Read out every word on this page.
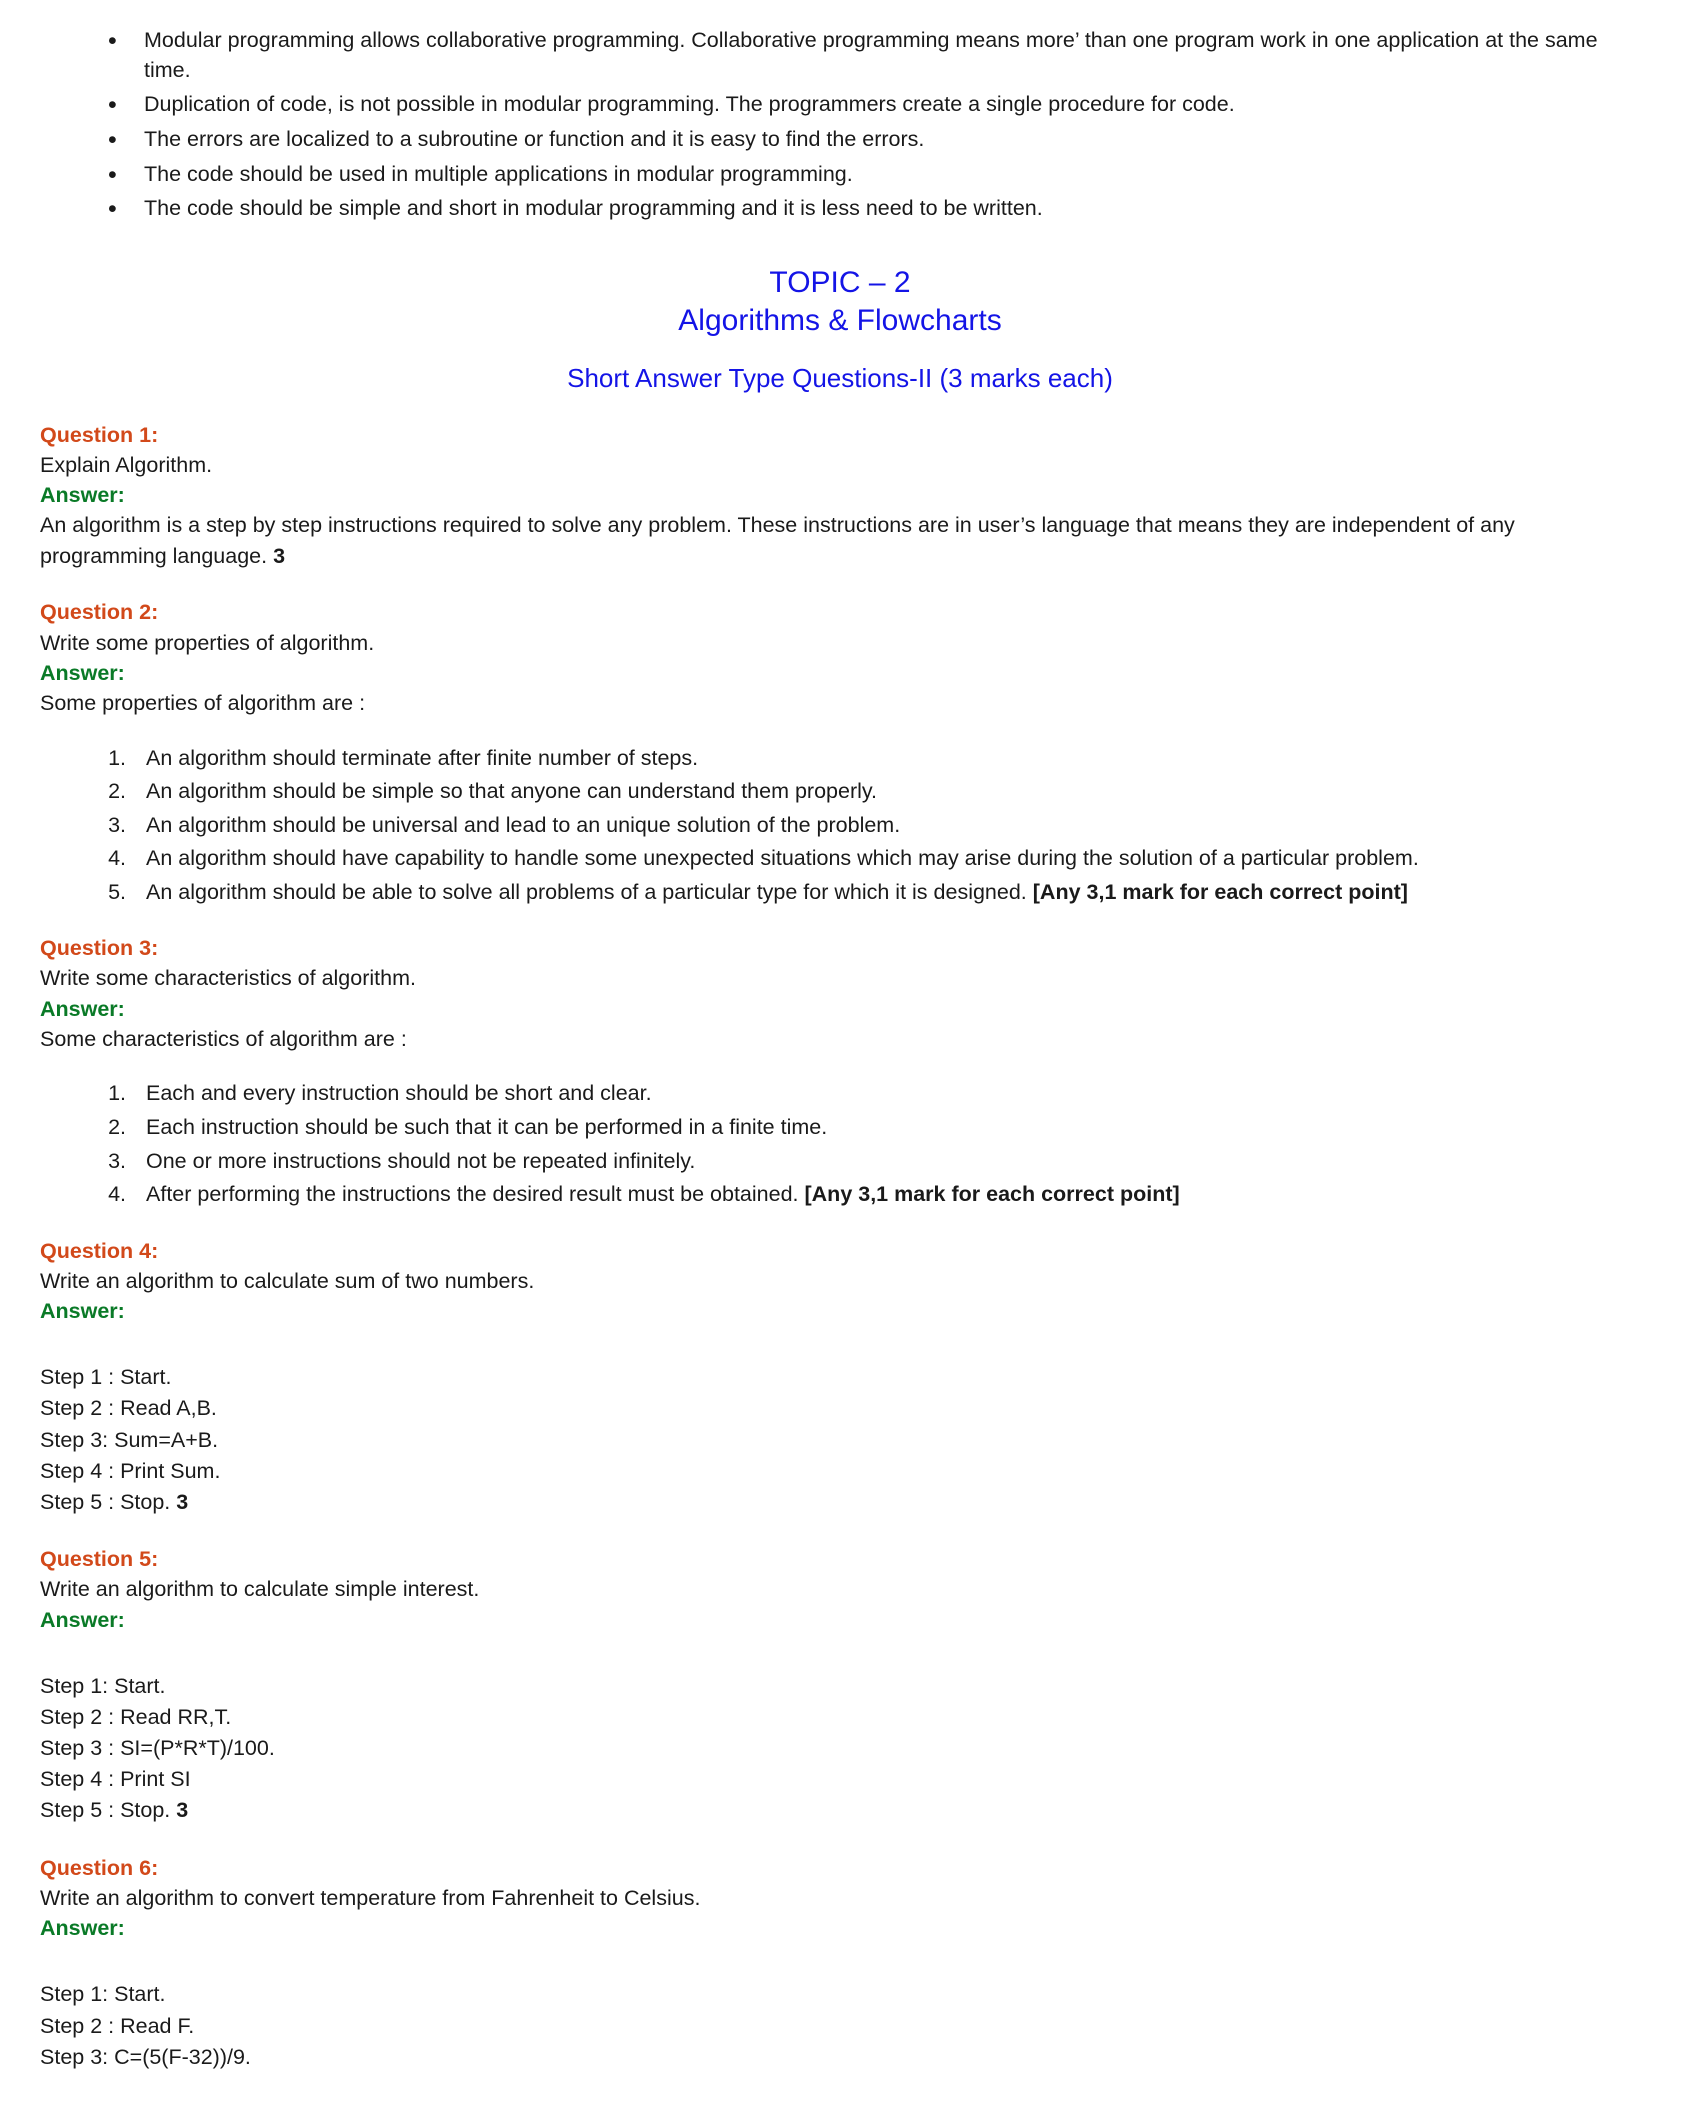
• Modular programming allows collaborative programming. Collaborative programming means more’ than one program work in one application at the same time.
• Duplication of code, is not possible in modular programming. The programmers create a single procedure for code.
• The errors are localized to a subroutine or function and it is easy to find the errors.
• The code should be used in multiple applications in modular programming.
• The code should be simple and short in modular programming and it is less need to be written.
TOPIC – 2
Algorithms & Flowcharts
Short Answer Type Questions-II (3 marks each)
Question 1:
Explain Algorithm.
Answer:
An algorithm is a step by step instructions required to solve any problem. These instructions are in user’s language that means they are independent of any programming language. 3
Question 2:
Write some properties of algorithm.
Answer:
Some properties of algorithm are :
1. An algorithm should terminate after finite number of steps.
2. An algorithm should be simple so that anyone can understand them properly.
3. An algorithm should be universal and lead to an unique solution of the problem.
4. An algorithm should have capability to handle some unexpected situations which may arise during the solution of a particular problem.
5. An algorithm should be able to solve all problems of a particular type for which it is designed. [Any 3,1 mark for each correct point]
Question 3:
Write some characteristics of algorithm.
Answer:
Some characteristics of algorithm are :
1. Each and every instruction should be short and clear.
2. Each instruction should be such that it can be performed in a finite time.
3. One or more instructions should not be repeated infinitely.
4. After performing the instructions the desired result must be obtained. [Any 3,1 mark for each correct point]
Question 4:
Write an algorithm to calculate sum of two numbers.
Answer:
Step 1 : Start.
Step 2 : Read A,B.
Step 3: Sum=A+B.
Step 4 : Print Sum.
Step 5 : Stop. 3
Question 5:
Write an algorithm to calculate simple interest.
Answer:
Step 1: Start.
Step 2 : Read RR,T.
Step 3 : SI=(P*R*T)/100.
Step 4 : Print SI
Step 5 : Stop. 3
Question 6:
Write an algorithm to convert temperature from Fahrenheit to Celsius.
Answer:
Step 1: Start.
Step 2 : Read F.
Step 3: C=(5(F-32))/9.
